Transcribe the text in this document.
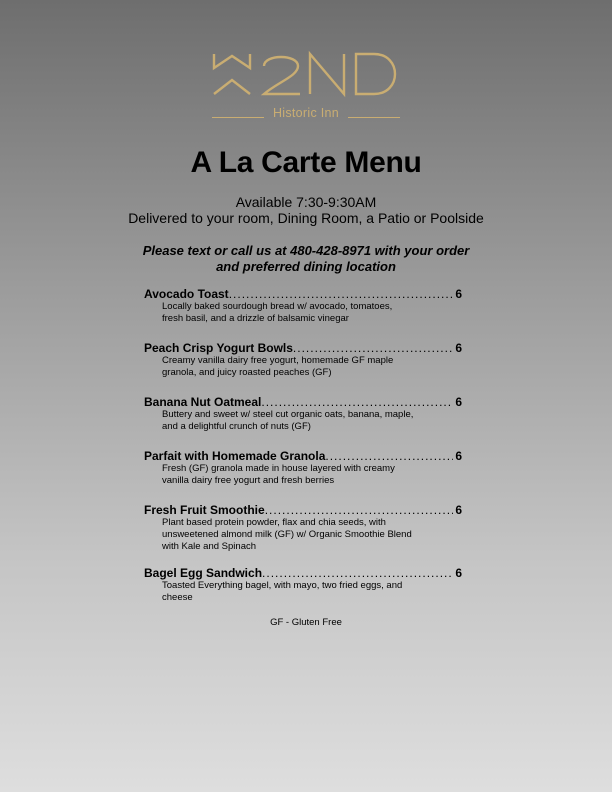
Historic Inn
A La Carte Menu
Available 7:30-9:30AM
Delivered to your room, Dining Room, a Patio or Poolside
Please text or call us at 480-428-8971 with your order
and preferred dining location
Avocado Toast .....	6
Locally baked sourdough bread w/ avocado, tomatoes,
fresh basil, and a drizzle of balsamic vinegar
Peach Crisp Yogurt Bowls .....	6
Creamy vanilla dairy free yogurt, homemade GF maple
granola, and juicy roasted peaches (GF)
Banana Nut Oatmeal .....	6
Buttery and sweet w/ steel cut organic oats, banana, maple,
and a delightful crunch of nuts (GF)
Parfait with Homemade Granola .....	6
Fresh (GF) granola made in house layered with creamy
vanilla dairy free yogurt and fresh berries
Fresh Fruit Smoothie .....	6
Plant based protein powder, flax and chia seeds, with
unsweetened almond milk (GF) w/ Organic Smoothie Blend
with Kale and Spinach
Bagel Egg Sandwich .....	6
Toasted Everything bagel, with mayo, two fried eggs, and
cheese
GF - Gluten Free
